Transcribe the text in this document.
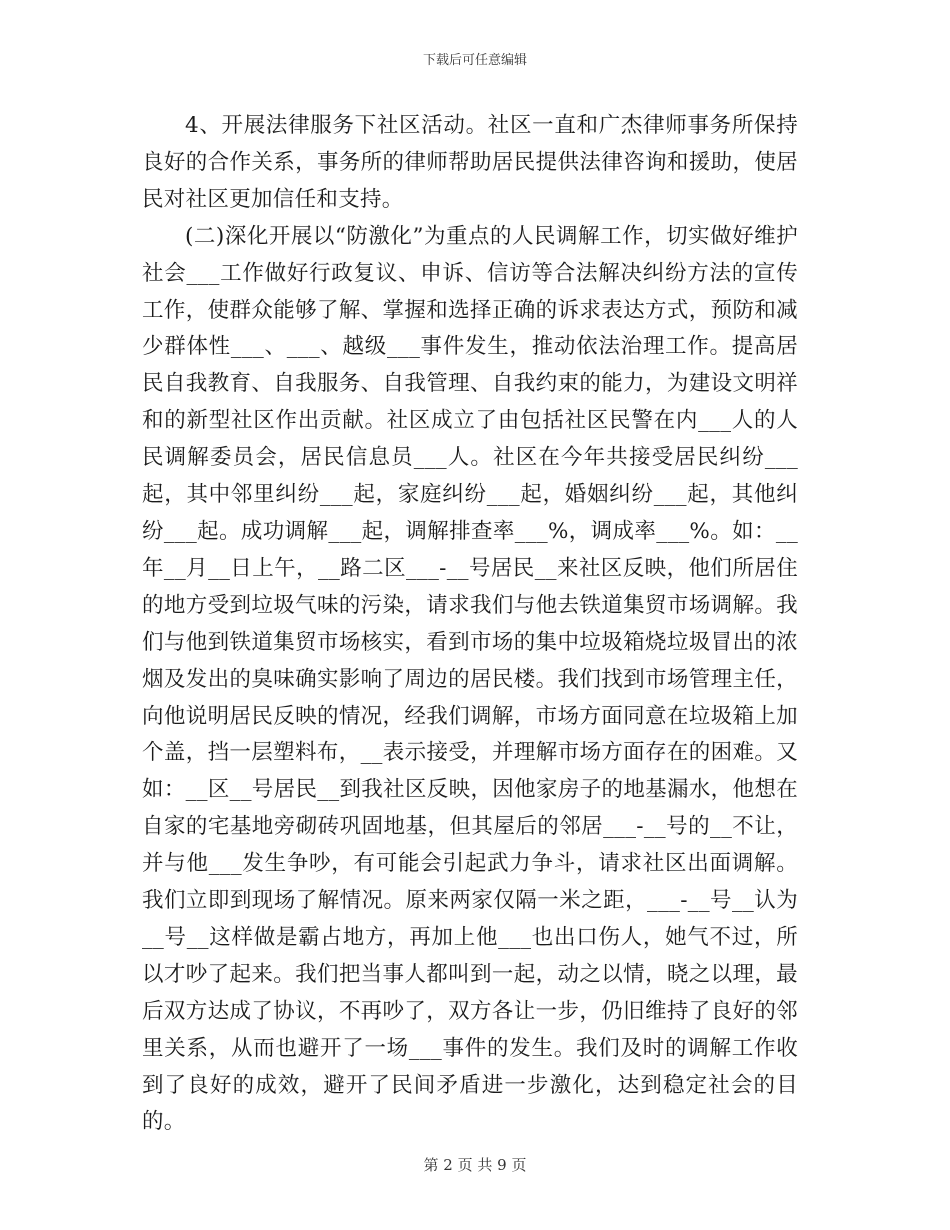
下载后可任意编辑

4、开展法律服务下社区活动。社区一直和广杰律师事务所保持良好的合作关系，事务所的律师帮助居民提供法律咨询和援助，使居民对社区更加信任和支持。

(二)深化开展以“防激化”为重点的人民调解工作，切实做好维护社会___工作做好行政复议、申诉、信访等合法解决纠纷方法的宣传工作，使群众能够了解、掌握和选择正确的诉求表达方式，预防和减少群体性___、___、越级___事件发生，推动依法治理工作。提高居民自我教育、自我服务、自我管理、自我约束的能力，为建设文明祥和的新型社区作出贡献。社区成立了由包括社区民警在内___人的人民调解委员会，居民信息员___人。社区在今年共接受居民纠纷___起，其中邻里纠纷___起，家庭纠纷___起，婚姻纠纷___起，其他纠纷___起。成功调解___起，调解排查率___%，调成率___%。如：__年__月__日上午，__路二区___-__号居民__来社区反映，他们所居住的地方受到垃圾气味的污染，请求我们与他去铁道集贸市场调解。我们与他到铁道集贸市场核实，看到市场的集中垃圾箱烧垃圾冒出的浓烟及发出的臭味确实影响了周边的居民楼。我们找到市场管理主任，向他说明居民反映的情况，经我们调解，市场方面同意在垃圾箱上加个盖，挡一层塑料布，__表示接受，并理解市场方面存在的困难。又如：__区__号居民__到我社区反映，因他家房子的地基漏水，他想在自家的宅基地旁砌砖巩固地基，但其屋后的邻居___-__号的__不让，并与他___发生争吵，有可能会引起武力争斗，请求社区出面调解。我们立即到现场了解情况。原来两家仅隔一米之距，___-__号__认为__号__这样做是霸占地方，再加上他___也出口伤人，她气不过，所以才吵了起来。我们把当事人都叫到一起，动之以情，晓之以理，最后双方达成了协议，不再吵了，双方各让一步，仍旧维持了良好的邻里关系，从而也避开了一场___事件的发生。我们及时的调解工作收到了良好的成效，避开了民间矛盾进一步激化，达到稳定社会的目的。

第 2 页 共 9 页
